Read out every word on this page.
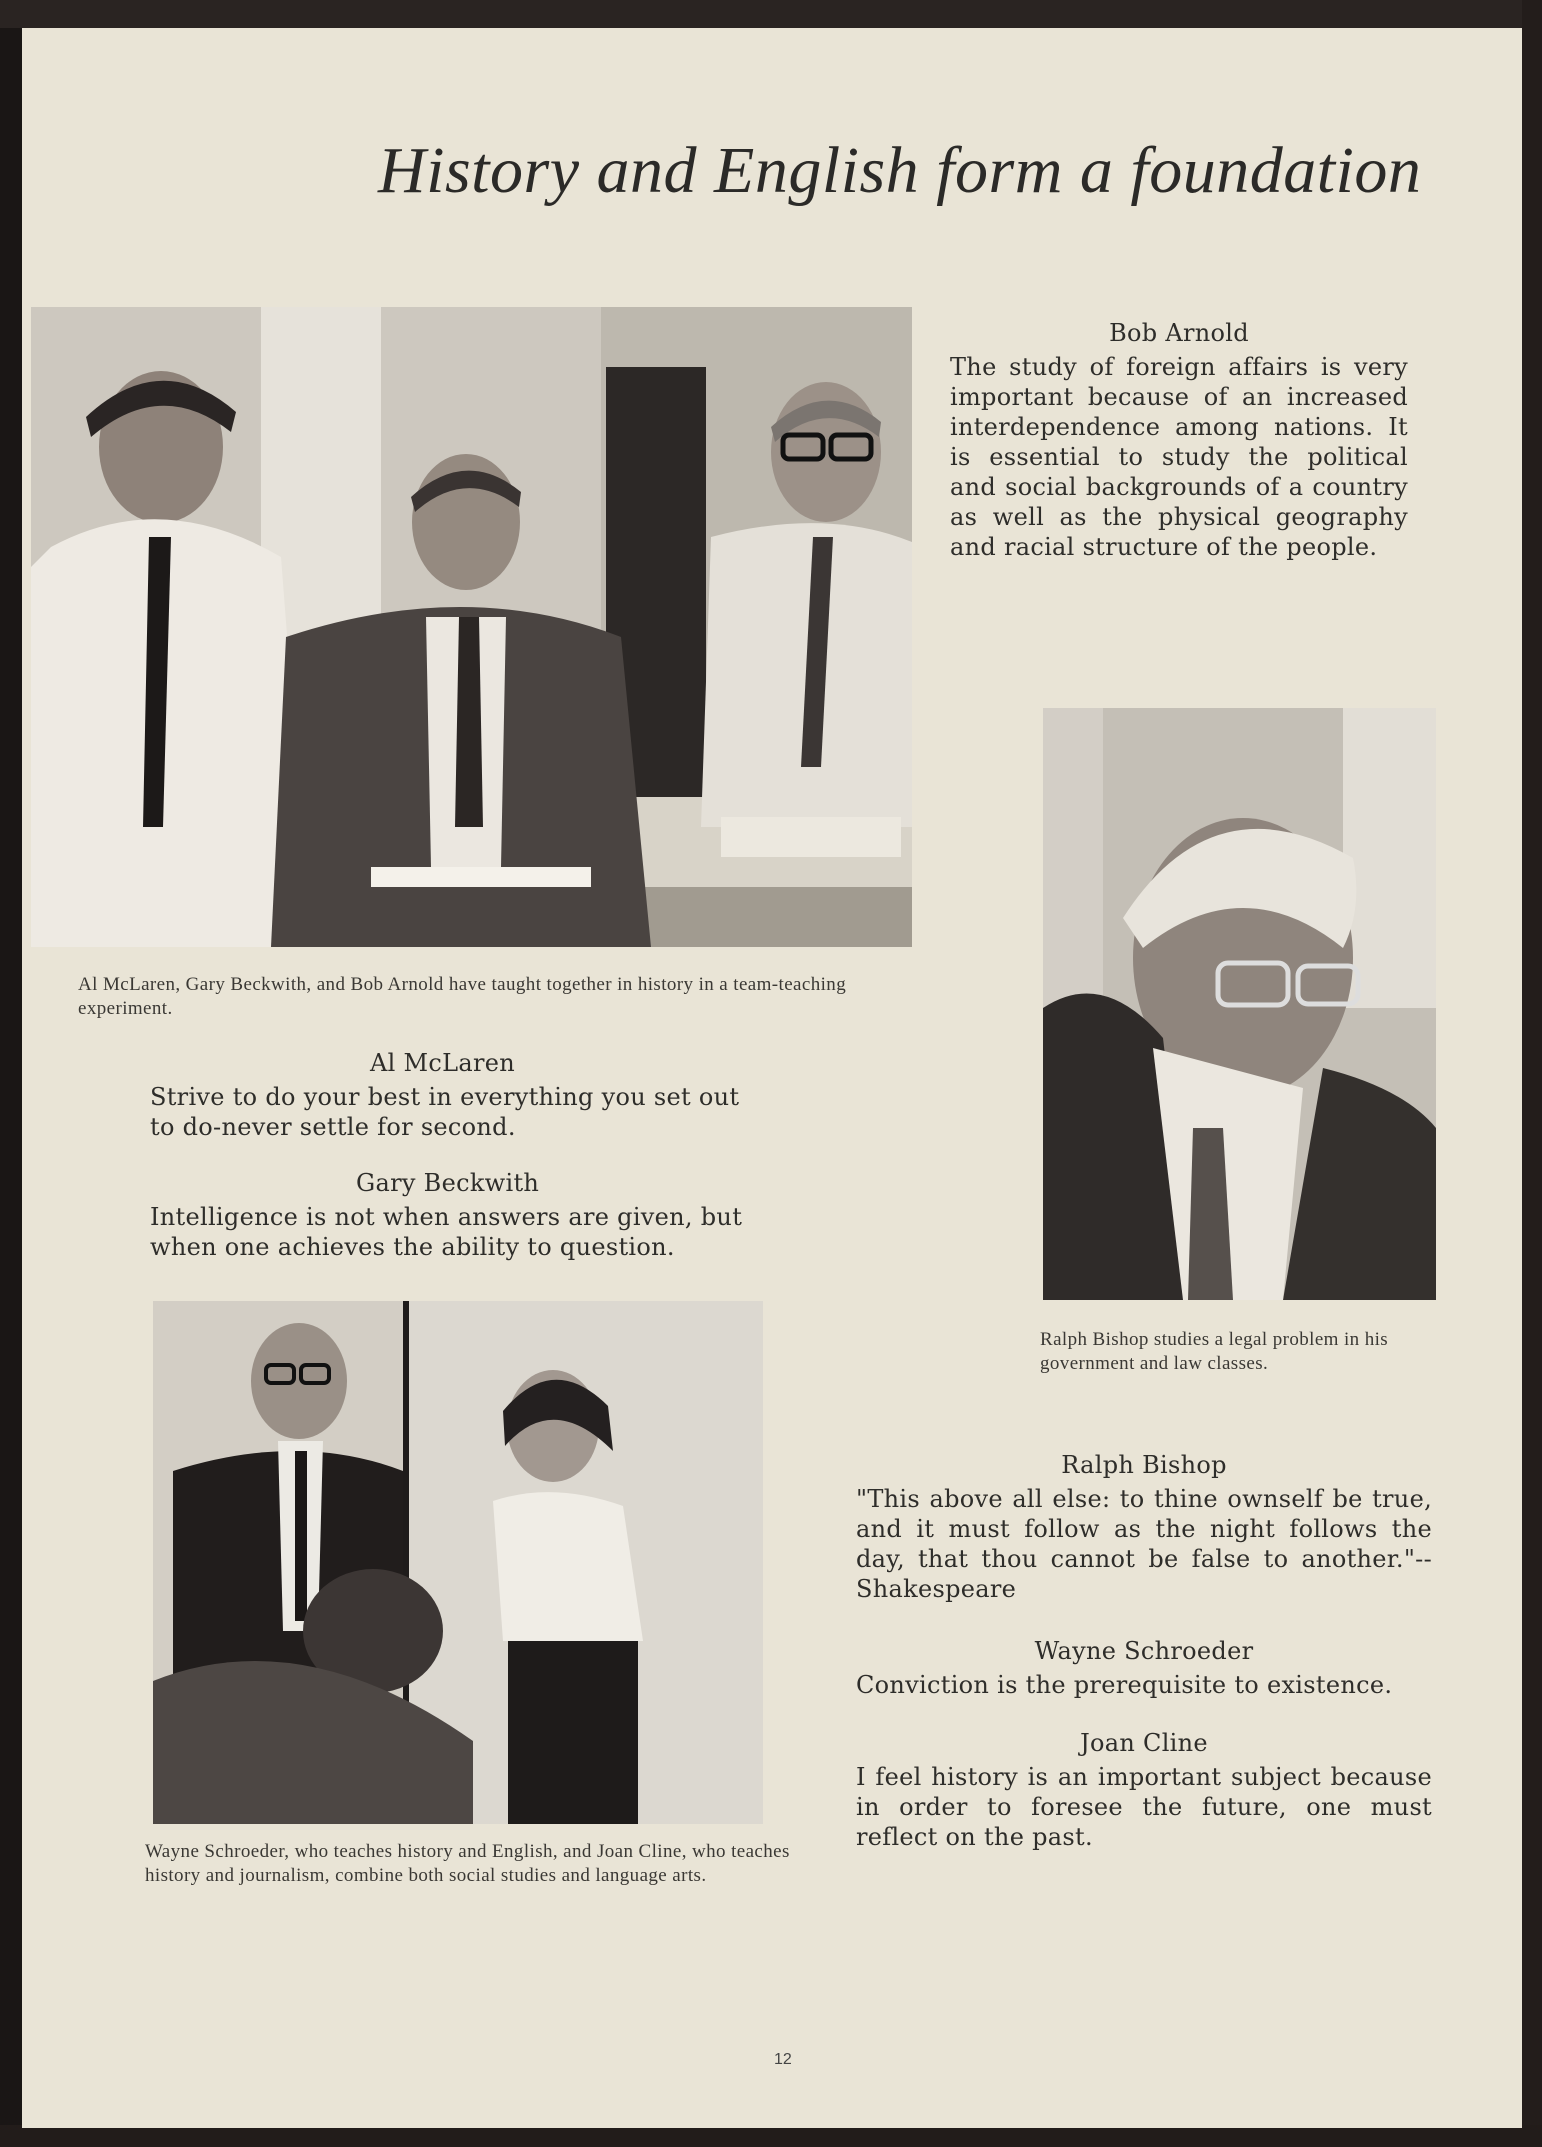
History and English form a foundation
Al McLaren, Gary Beckwith, and Bob Arnold have taught together in history in a team-teaching experiment.
Bob Arnold
The study of foreign affairs is very important because of an increased interdependence among nations. It is essential to study the political and social backgrounds of a country as well as the physical geography and racial structure of the people.
Al McLaren
Strive to do your best in everything you set out to do-never settle for second.
Gary Beckwith
Intelligence is not when answers are given, but when one achieves the ability to question.
Ralph Bishop studies a legal problem in his government and law classes.
Wayne Schroeder, who teaches history and English, and Joan Cline, who teaches history and journalism, combine both social studies and language arts.
Ralph Bishop
"This above all else: to thine ownself be true, and it must follow as the night follows the day, that thou cannot be false to another."-- Shakespeare
Wayne Schroeder
Conviction is the prerequisite to existence.
Joan Cline
I feel history is an important subject because in order to foresee the future, one must reflect on the past.
12
